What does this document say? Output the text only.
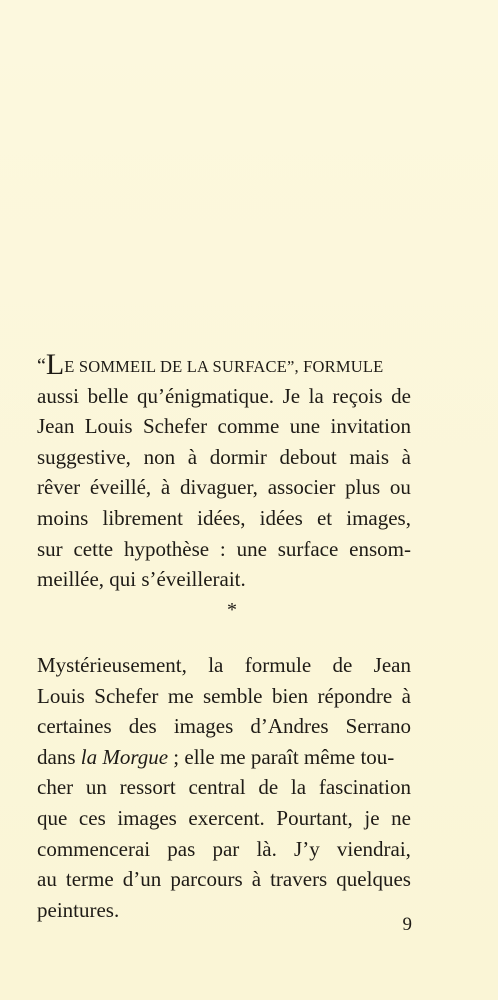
“LE SOMMEIL DE LA SURFACE”, FORMULE
aussi belle qu’énigmatique. Je la reçois de
Jean Louis Schefer comme une invitation
suggestive, non à dormir debout mais à
rêver éveillé, à divaguer, associer plus ou
moins librement idées, idées et images,
sur cette hypothèse : une surface ensom-
meillée, qui s’éveillerait.
*
Mystérieusement, la formule de Jean
Louis Schefer me semble bien répondre à
certaines des images d’Andres Serrano
dans la Morgue ; elle me paraît même tou-
cher un ressort central de la fascination
que ces images exercent. Pourtant, je ne
commencerai pas par là. J’y viendrai,
au terme d’un parcours à travers quelques
peintures.
9
